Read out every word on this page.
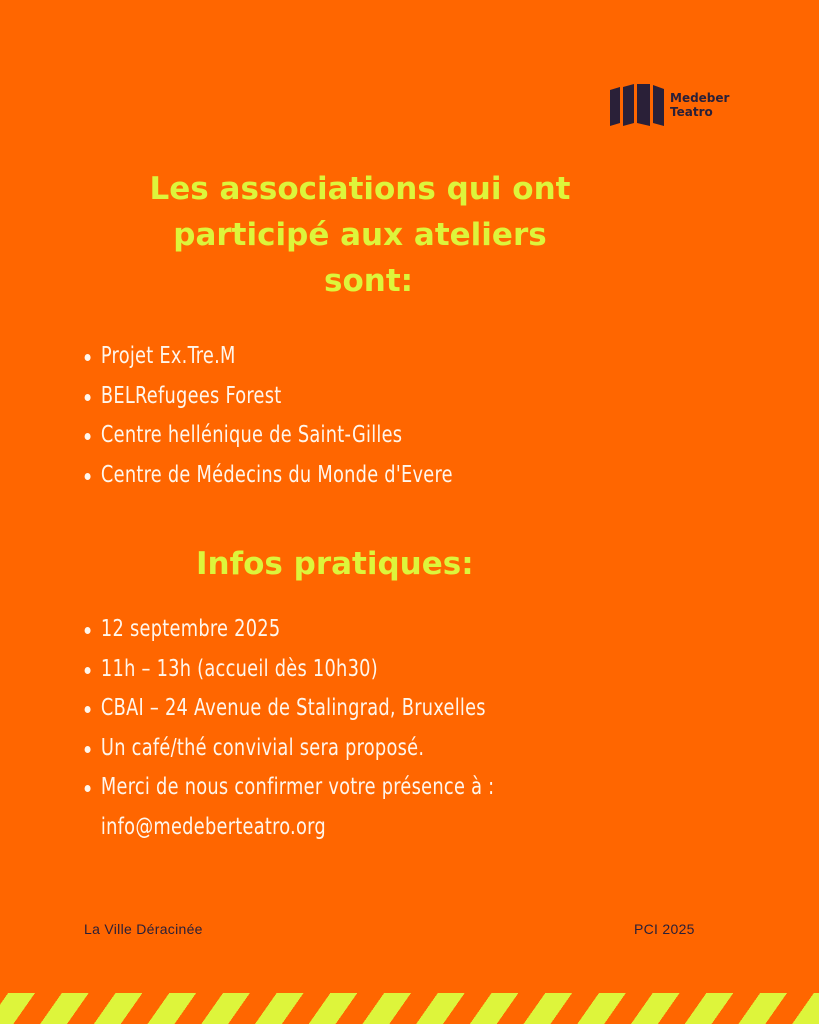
Medeber
Teatro
Les associations qui ont
participé aux ateliers
sont:
Projet Ex.Tre.M
BELRefugees Forest
Centre hellénique de Saint-Gilles
Centre de Médecins du Monde d'Evere
Infos pratiques:
12 septembre 2025
11h – 13h (accueil dès 10h30)
CBAI – 24 Avenue de Stalingrad, Bruxelles
Un café/thé convivial sera proposé.
Merci de nous confirmer votre présence à :
info@medeberteatro.org
La Ville Déracinée	PCI 2025
